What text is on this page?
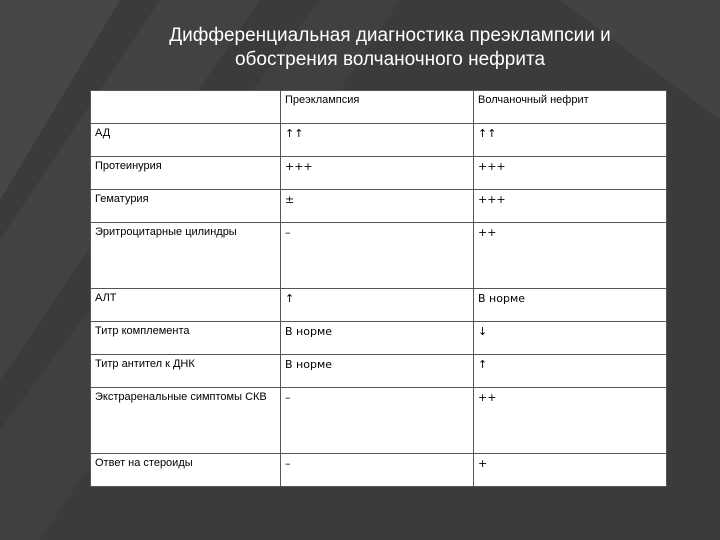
Дифференциальная диагностика преэклампсии и
обострения волчаночного нефрита
	Преэклампсия	Волчаночный нефрит
АД	↑↑	↑↑
Протеинурия	+++	+++
Гематурия	±	+++
Эритроцитарные цилиндры	–	++
АЛТ	↑	В норме
Титр комплемента	В норме	↓
Титр антител к ДНК	В норме	↑
Экстраренальные симптомы СКВ	–	++
Ответ на стероиды	–	+
